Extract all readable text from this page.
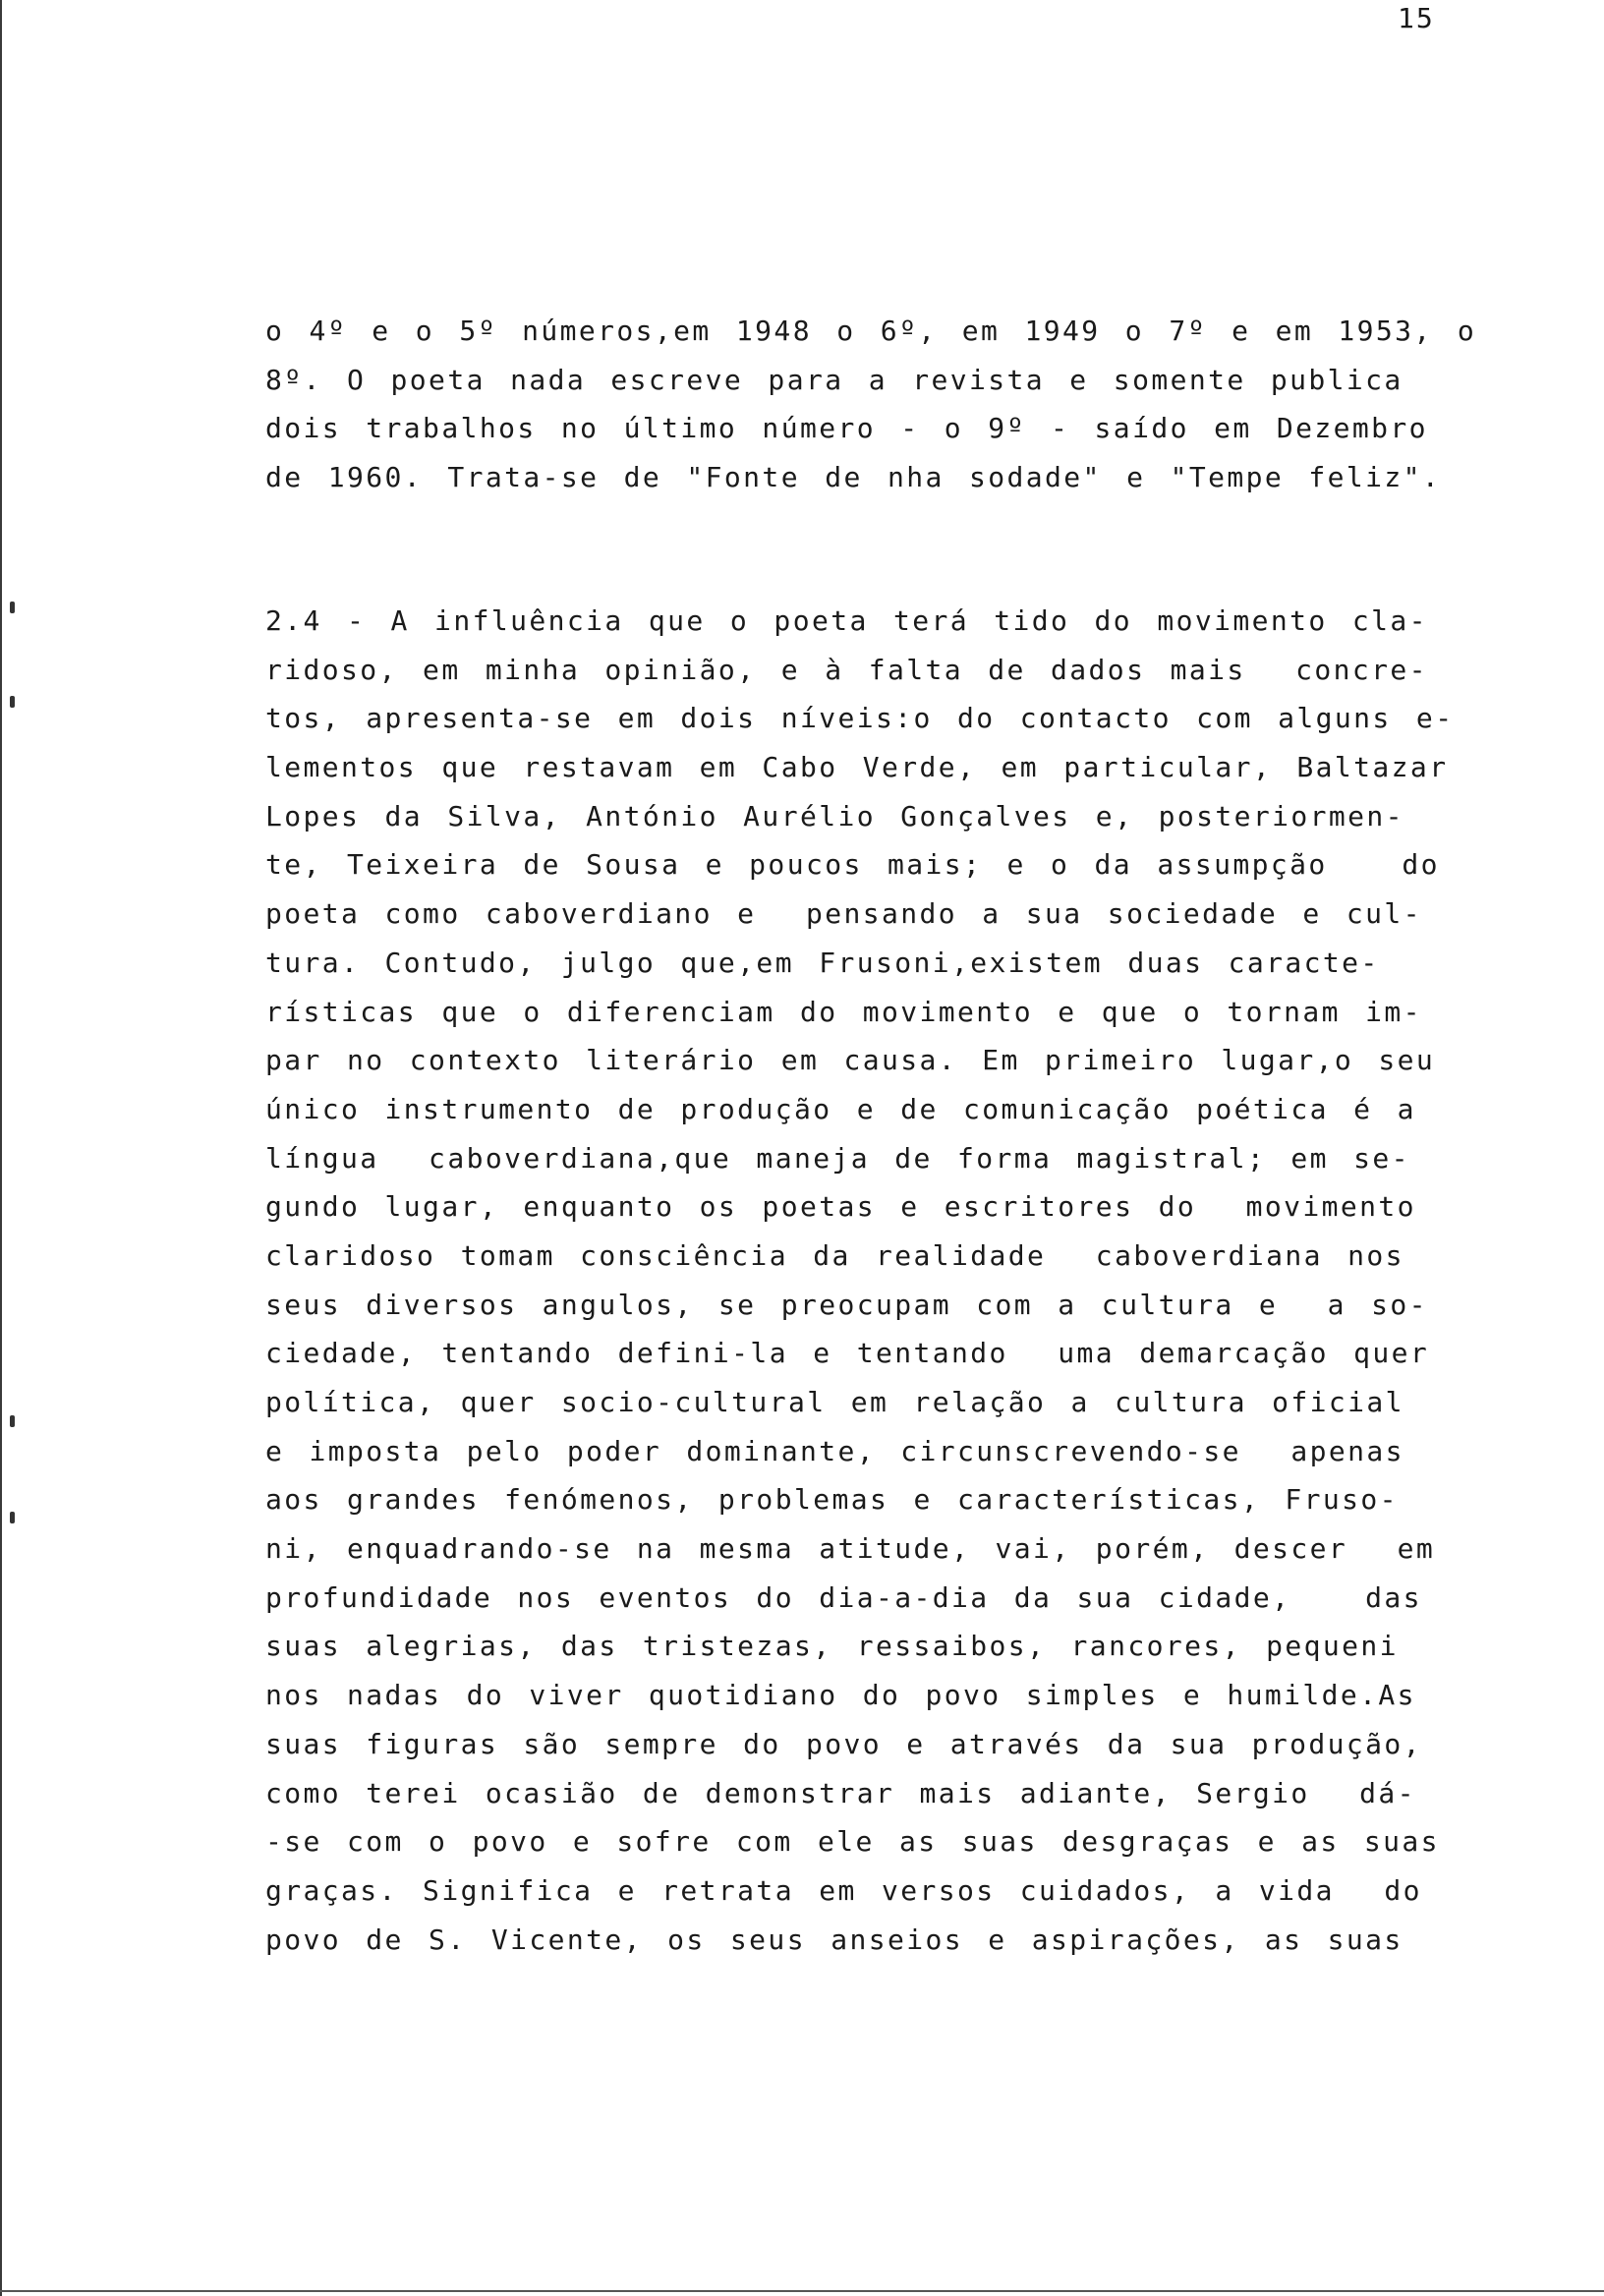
15
o 4º e o 5º números,em 1948 o 6º, em 1949 o 7º e em 1953, o
8º. O poeta nada escreve para a revista e somente publica
dois trabalhos no último número - o 9º - saído em Dezembro
de 1960. Trata-se de "Fonte de nha sodade" e "Tempe feliz".
2.4 - A influência que o poeta terá tido do movimento cla-
ridoso, em minha opinião, e à falta de dados mais  concre-
tos, apresenta-se em dois níveis:o do contacto com alguns e-
lementos que restavam em Cabo Verde, em particular, Baltazar
Lopes da Silva, António Aurélio Gonçalves e, posteriormen-
te, Teixeira de Sousa e poucos mais; e o da assumpção   do
poeta como caboverdiano e  pensando a sua sociedade e cul-
tura. Contudo, julgo que,em Frusoni,existem duas caracte-
rísticas que o diferenciam do movimento e que o tornam im-
par no contexto literário em causa. Em primeiro lugar,o seu
único instrumento de produção e de comunicação poética é a
língua  caboverdiana,que maneja de forma magistral; em se-
gundo lugar, enquanto os poetas e escritores do  movimento
claridoso tomam consciência da realidade  caboverdiana nos
seus diversos angulos, se preocupam com a cultura e  a so-
ciedade, tentando defini-la e tentando  uma demarcação quer
política, quer socio-cultural em relação a cultura oficial
e imposta pelo poder dominante, circunscrevendo-se  apenas
aos grandes fenómenos, problemas e características, Fruso-
ni, enquadrando-se na mesma atitude, vai, porém, descer  em
profundidade nos eventos do dia-a-dia da sua cidade,   das
suas alegrias, das tristezas, ressaibos, rancores, pequeni
nos nadas do viver quotidiano do povo simples e humilde.As
suas figuras são sempre do povo e através da sua produção,
como terei ocasião de demonstrar mais adiante, Sergio  dá-
-se com o povo e sofre com ele as suas desgraças e as suas
graças. Significa e retrata em versos cuidados, a vida  do
povo de S. Vicente, os seus anseios e aspirações, as suas
